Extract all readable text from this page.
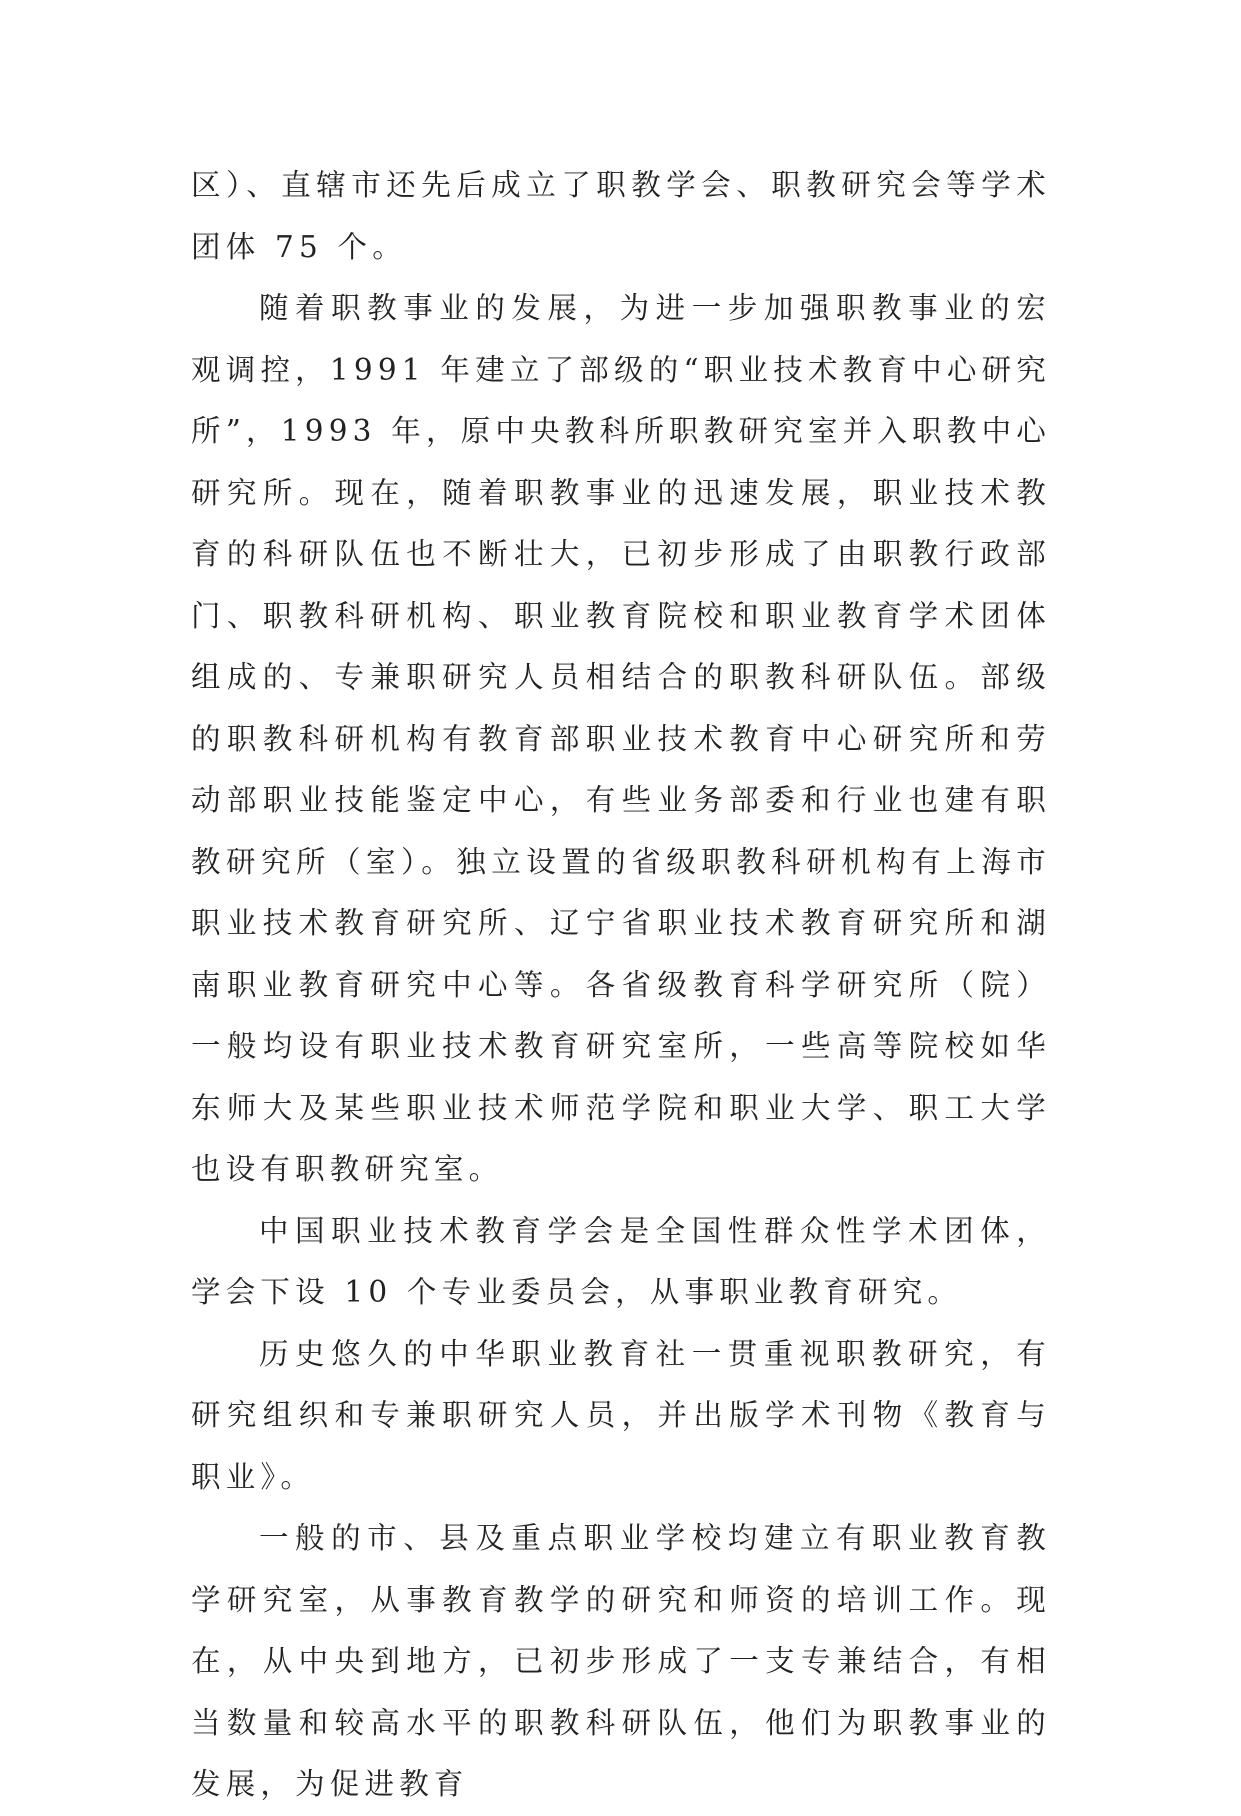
区）、直辖市还先后成立了职教学会、职教研究会等学术团体 75 个。

随着职教事业的发展，为进一步加强职教事业的宏观调控，1991 年建立了部级的“职业技术教育中心研究所”，1993 年，原中央教科所职教研究室并入职教中心研究所。现在，随着职教事业的迅速发展，职业技术教育的科研队伍也不断壮大，已初步形成了由职教行政部门、职教科研机构、职业教育院校和职业教育学术团体组成的、专兼职研究人员相结合的职教科研队伍。部级的职教科研机构有教育部职业技术教育中心研究所和劳动部职业技能鉴定中心，有些业务部委和行业也建有职教研究所（室）。独立设置的省级职教科研机构有上海市职业技术教育研究所、辽宁省职业技术教育研究所和湖南职业教育研究中心等。各省级教育科学研究所（院）一般均设有职业技术教育研究室所，一些高等院校如华东师大及某些职业技术师范学院和职业大学、职工大学也设有职教研究室。

中国职业技术教育学会是全国性群众性学术团体，学会下设 10 个专业委员会，从事职业教育研究。

历史悠久的中华职业教育社一贯重视职教研究，有研究组织和专兼职研究人员，并出版学术刊物《教育与职业》。

一般的市、县及重点职业学校均建立有职业教育教学研究室，从事教育教学的研究和师资的培训工作。现在，从中央到地方，已初步形成了一支专兼结合，有相当数量和较高水平的职教科研队伍，他们为职教事业的发展，为促进教育
